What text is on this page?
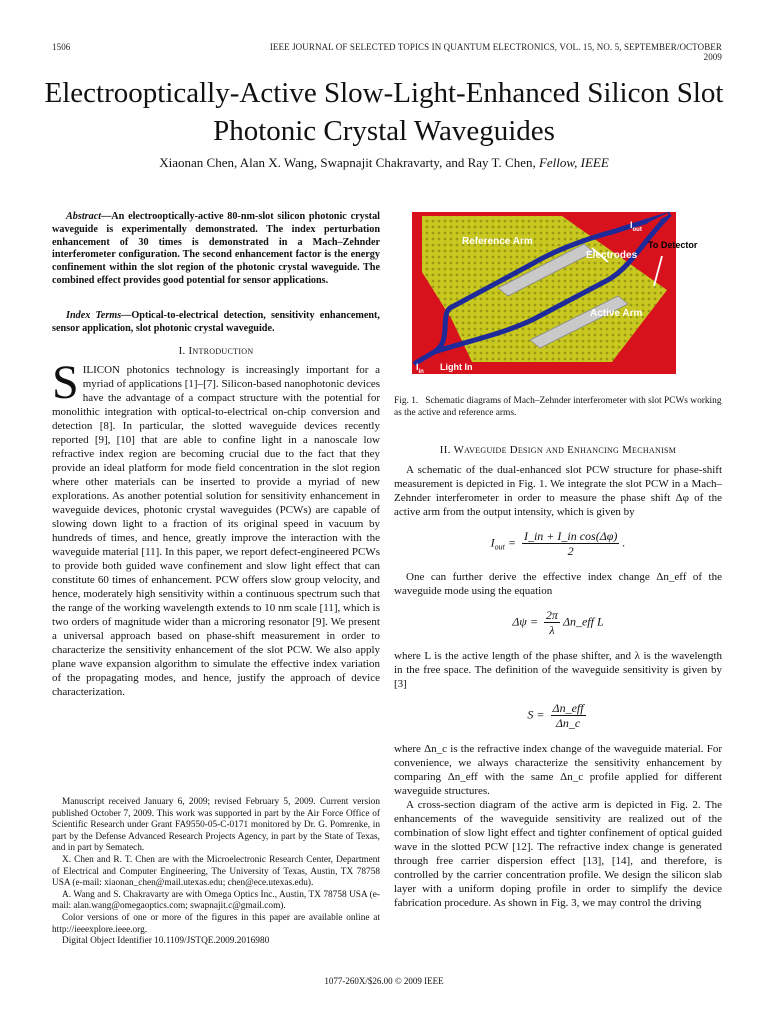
1506	IEEE JOURNAL OF SELECTED TOPICS IN QUANTUM ELECTRONICS, VOL. 15, NO. 5, SEPTEMBER/OCTOBER 2009
Electrooptically-Active Slow-Light-Enhanced Silicon Slot Photonic Crystal Waveguides
Xiaonan Chen, Alan X. Wang, Swapnajit Chakravarty, and Ray T. Chen, Fellow, IEEE
Abstract—An electrooptically-active 80-nm-slot silicon photonic crystal waveguide is experimentally demonstrated. The index perturbation enhancement of 30 times is demonstrated in a Mach–Zehnder interferometer configuration. The second enhancement factor is the energy confinement within the slot region of the photonic crystal waveguide. The combined effect provides good potential for sensor applications.
Index Terms—Optical-to-electrical detection, sensitivity enhancement, sensor application, slot photonic crystal waveguide.
I. Introduction

SILICON photonics technology is increasingly important for a myriad of applications [1]–[7]. Silicon-based nanophotonic devices have the advantage of a compact structure with the potential for monolithic integration with optical-to-electrical on-chip conversion and detection [8]. In particular, the slotted waveguide devices recently reported [9], [10] that are able to confine light in a nanoscale low refractive index region are becoming crucial due to the fact that they provide an ideal platform for mode field concentration in the slot region where other materials can be inserted to provide a myriad of new explorations. As another potential solution for sensitivity enhancement in waveguide devices, photonic crystal waveguides (PCWs) are capable of slowing down light to a fraction of its original speed in vacuum by hundreds of times, and hence, greatly improve the interaction with the waveguide material [11]. In this paper, we report defect-engineered PCWs to provide both guided wave confinement and slow light effect that can constitute 60 times of enhancement. PCW offers slow group velocity, and hence, moderately high sensitivity within a continuous spectrum such that the range of the working wavelength extends to 10 nm scale [11], which is two orders of magnitude wider than a microring resonator [9]. We present a universal approach based on phase-shift measurement in order to characterize the sensitivity enhancement of the slot PCW. We also apply plane wave expansion algorithm to simulate the effective index variation of the propagating modes, and hence, justify the approach of device characterization.

Manuscript received January 6, 2009; revised February 5, 2009. Current version published October 7, 2009. This work was supported in part by the Air Force Office of Scientific Research under Grant FA9550-05-C-0171 monitored by Dr. G. Pomrenke, in part by the Defense Advanced Research Projects Agency, in part by the State of Texas, and in part by Sematech.

X. Chen and R. T. Chen are with the Microelectronic Research Center, Department of Electrical and Computer Engineering, The University of Texas, Austin, TX 78758 USA (e-mail: xiaonan_chen@mail.utexas.edu; chen@ece.utexas.edu).

A. Wang and S. Chakravarty are with Omega Optics Inc., Austin, TX 78758 USA (e-mail: alan.wang@omegaoptics.com; swapnajit.c@gmail.com).

Color versions of one or more of the figures in this paper are available online at http://ieeexplore.ieee.org.

Digital Object Identifier 10.1109/JSTQE.2009.2016980

Reference Arm
Electrodes
Active Arm
$I_{out}$
To Detector
$I_{in}$ Light In
Fig. 1. Schematic diagrams of Mach–Zehnder interferometer with slot PCWs working as the active and reference arms.
II. Waveguide Design and Enhancing Mechanism

A schematic of the dual-enhanced slot PCW structure for phase-shift measurement is depicted in Fig. 1. We integrate the slot PCW in a Mach–Zehnder interferometer in order to measure the phase shift Δφ of the active arm from the output intensity, which is given by

$I_{out} = \frac{\text{I\_in + I\_in cos(Δφ)}}{2}$ .

One can further derive the effective index change Δn_eff of the waveguide mode using the equation

$\Delta\psi = \frac{2\pi}{\lambda}$ Δn_eff L

where L is the active length of the phase shifter, and λ is the wavelength in the free space. The definition of the waveguide sensitivity is given by [3]

$S = \frac{\text{Δn\_eff}}{\Delta n\_c}$

where Δn_c is the refractive index change of the waveguide material. For convenience, we always characterize the sensitivity enhancement by comparing Δn_eff with the same Δn_c profile applied for different waveguide structures.

A cross-section diagram of the active arm is depicted in Fig. 2. The enhancements of the waveguide sensitivity are realized out of the combination of slow light effect and tighter confinement of optical guided wave in the slotted PCW [12]. The refractive index change is generated through free carrier dispersion effect [13], [14], and therefore, is controlled by the carrier concentration profile. We design the silicon slab layer with a uniform doping profile in order to simplify the device fabrication procedure. As shown in Fig. 3, we may control the driving

1077-260X/$26.00 © 2009 IEEE
